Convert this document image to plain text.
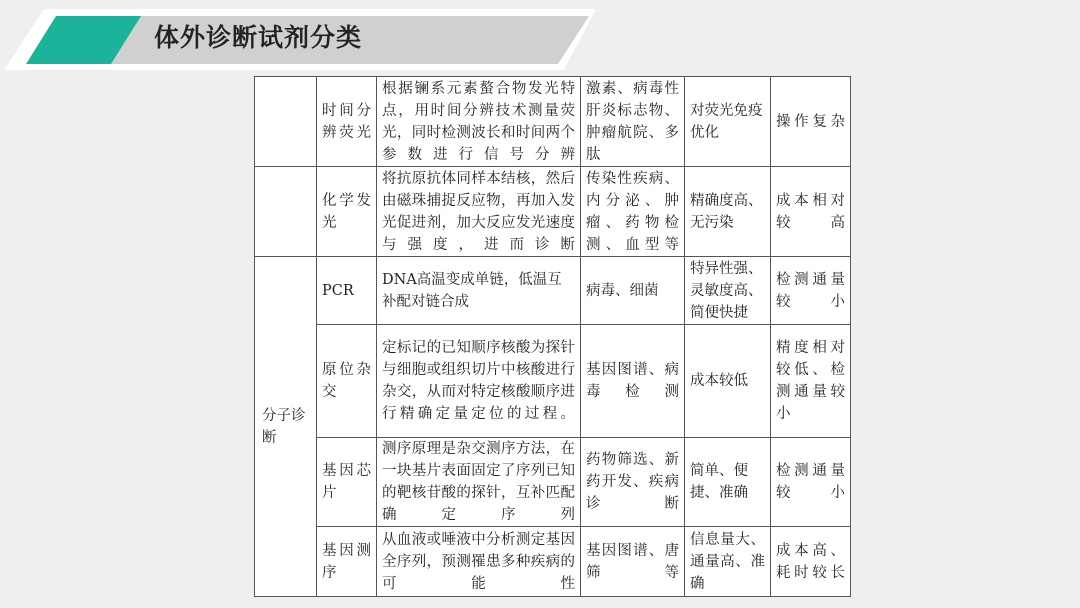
体外诊断试剂分类
	时间分辨荧光	根据镧系元素螯合物发光特点，用时间分辨技术测量荧光，同时检测波长和时间两个参数进行信号分辨	激素、病毒性肝炎标志物、肿瘤航院、多肽	对荧光免疫优化	操作复杂
	化学发光	将抗原抗体同样本结核，然后由磁珠捕捉反应物，再加入发光促进剂，加大反应发光速度与强度，进而诊断	传染性疾病、内分泌、肿瘤、药物检测、血型等	精确度高、无污染	成本相对较高
分子诊断	PCR	DNA高温变成单链，低温互补配对链合成	病毒、细菌	特异性强、灵敏度高、简便快捷	检测通量较小
	原位杂交	定标记的已知顺序核酸为探针与细胞或组织切片中核酸进行杂交，从而对特定核酸顺序进行精确定量定位的过程。	基因图谱、病毒检测	成本较低	精度相对较低、检测通量较小
	基因芯片	测序原理是杂交测序方法，在一块基片表面固定了序列已知的靶核苷酸的探针，互补匹配确定序列	药物筛选、新药开发、疾病诊断	简单、便捷、准确	检测通量较小
	基因测序	从血液或唾液中分析测定基因全序列，预测罹患多种疾病的可能性	基因图谱、唐筛等	信息量大、通量高、准确	成本高、耗时较长
